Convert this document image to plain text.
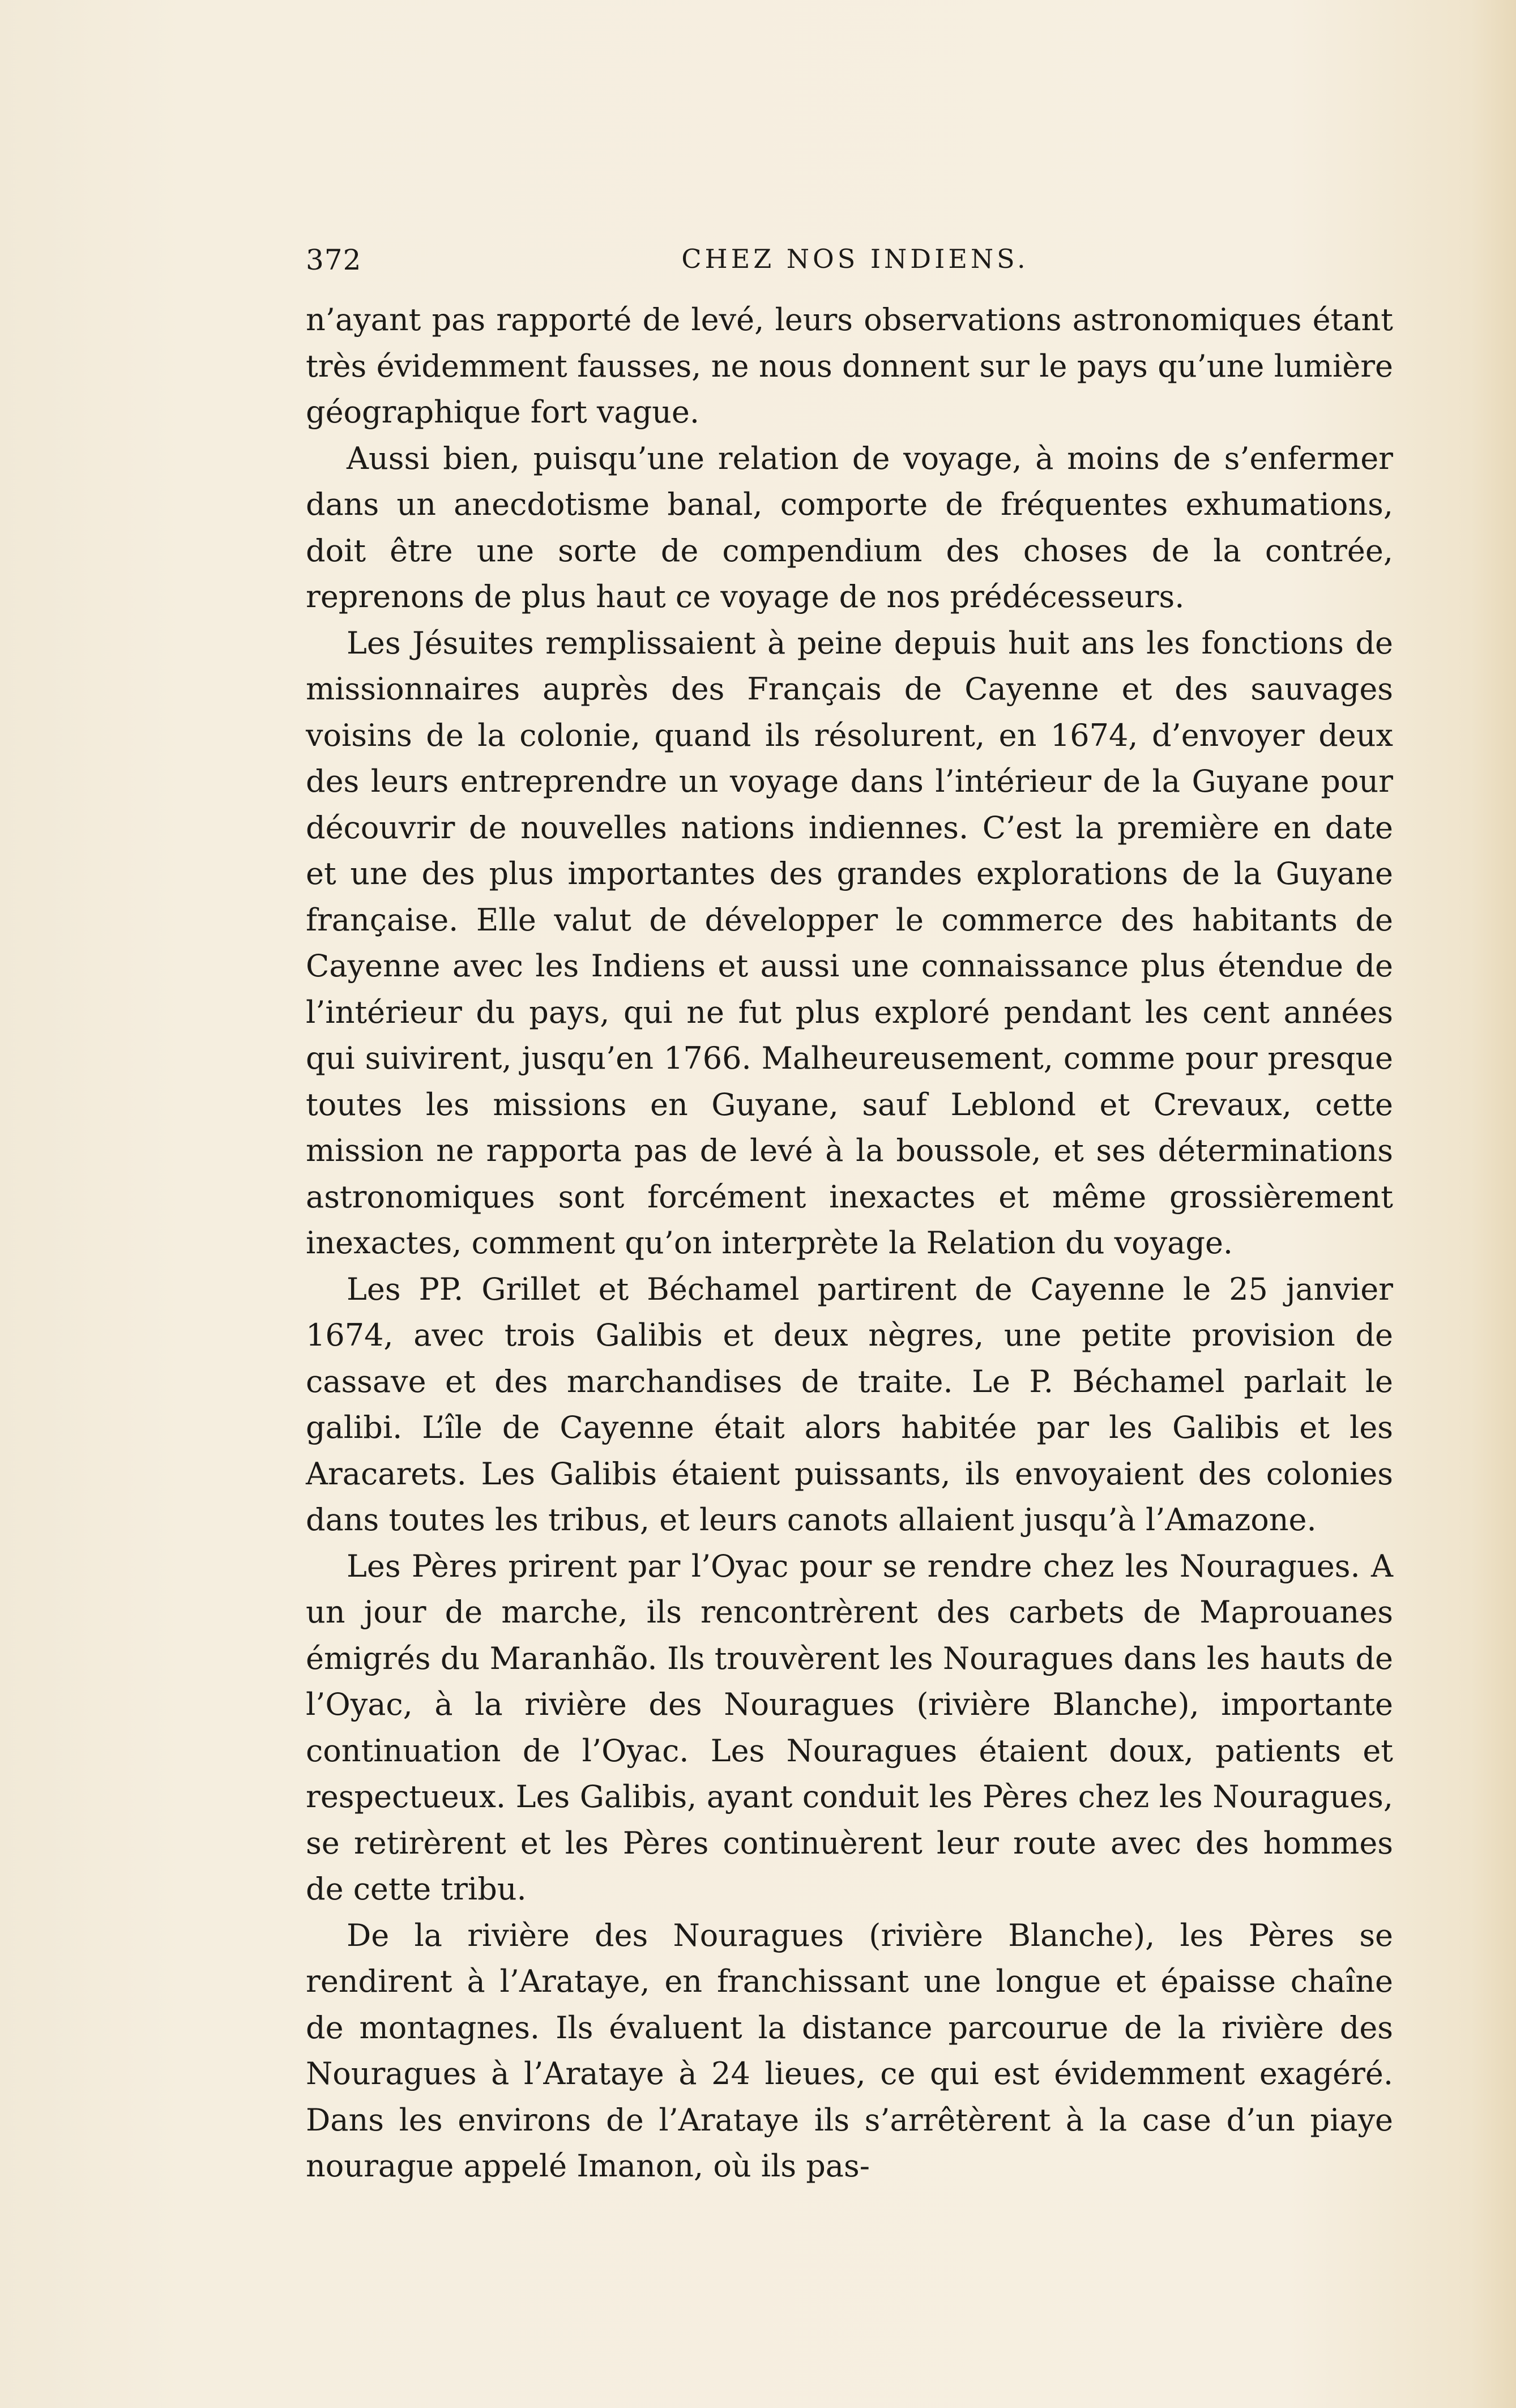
372	CHEZ NOS INDIENS.

n’ayant pas rapporté de levé, leurs observations astronomiques étant très évidemment fausses, ne nous donnent sur le pays qu’une lumière géographique fort vague.

Aussi bien, puisqu’une relation de voyage, à moins de s’enfermer dans un anecdotisme banal, comporte de fréquentes exhumations, doit être une sorte de compendium des choses de la contrée, reprenons de plus haut ce voyage de nos prédécesseurs.

Les Jésuites remplissaient à peine depuis huit ans les fonctions de missionnaires auprès des Français de Cayenne et des sauvages voisins de la colonie, quand ils résolurent, en 1674, d’envoyer deux des leurs entreprendre un voyage dans l’intérieur de la Guyane pour découvrir de nouvelles nations indiennes. C’est la première en date et une des plus importantes des grandes explorations de la Guyane française. Elle valut de développer le commerce des habitants de Cayenne avec les Indiens et aussi une connaissance plus étendue de l’intérieur du pays, qui ne fut plus exploré pendant les cent années qui suivirent, jusqu’en 1766. Malheureusement, comme pour presque toutes les missions en Guyane, sauf Leblond et Crevaux, cette mission ne rapporta pas de levé à la boussole, et ses déterminations astronomiques sont forcément inexactes et même grossièrement inexactes, comment qu’on interprète la Relation du voyage.

Les PP. Grillet et Béchamel partirent de Cayenne le 25 janvier 1674, avec trois Galibis et deux nègres, une petite provision de cassave et des marchandises de traite. Le P. Béchamel parlait le galibi. L’île de Cayenne était alors habitée par les Galibis et les Aracarets. Les Galibis étaient puissants, ils envoyaient des colonies dans toutes les tribus, et leurs canots allaient jusqu’à l’Amazone.

Les Pères prirent par l’Oyac pour se rendre chez les Nouragues. A un jour de marche, ils rencontrèrent des carbets de Maprouanes émigrés du Maranhão. Ils trouvèrent les Nouragues dans les hauts de l’Oyac, à la rivière des Nouragues (rivière Blanche), importante continuation de l’Oyac. Les Nouragues étaient doux, patients et respectueux. Les Galibis, ayant conduit les Pères chez les Nouragues, se retirèrent et les Pères continuèrent leur route avec des hommes de cette tribu.

De la rivière des Nouragues (rivière Blanche), les Pères se rendirent à l’Arataye, en franchissant une longue et épaisse chaîne de montagnes. Ils évaluent la distance parcourue de la rivière des Nouragues à l’Arataye à 24 lieues, ce qui est évidemment exagéré. Dans les environs de l’Arataye ils s’arrêtèrent à la case d’un piaye nourague appelé Imanon, où ils pas-
